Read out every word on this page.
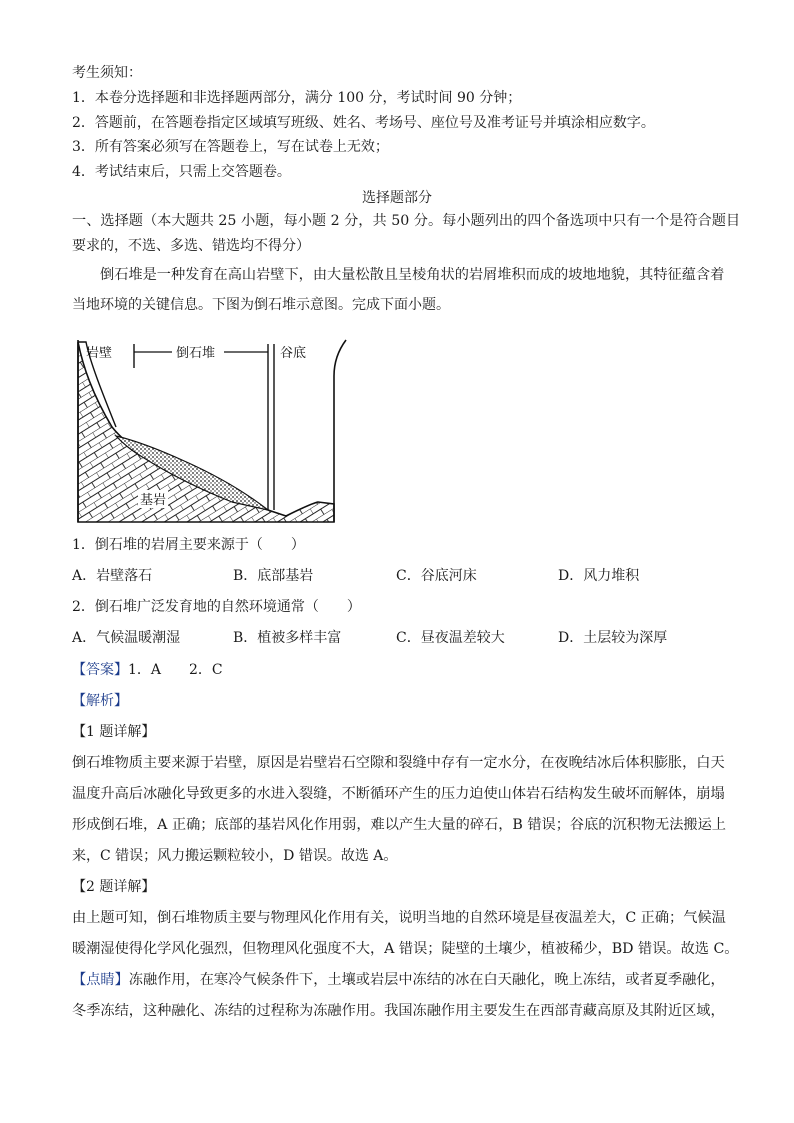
考生须知：
1．本卷分选择题和非选择题两部分，满分 100 分，考试时间 90 分钟；
2．答题前，在答题卷指定区域填写班级、姓名、考场号、座位号及准考证号并填涂相应数字。
3．所有答案必须写在答题卷上，写在试卷上无效；
4．考试结束后，只需上交答题卷。
选择题部分
一、选择题（本大题共 25 小题，每小题 2 分，共 50 分。每小题列出的四个备选项中只有一个是符合题目
要求的，不选、多选、错选均不得分）
倒石堆是一种发育在高山岩壁下，由大量松散且呈棱角状的岩屑堆积而成的坡地地貌，其特征蕴含着
当地环境的关键信息。下图为倒石堆示意图。完成下面小题。
岩壁	倒石堆	谷底
基岩
1．倒石堆的岩屑主要来源于（　　）
A．岩壁落石	B．底部基岩	C．谷底河床	D．风力堆积
2．倒石堆广泛发育地的自然环境通常（　　）
A．气候温暖潮湿	B．植被多样丰富	C．昼夜温差较大	D．土层较为深厚
【答案】1．A　　2．C
【解析】
【1 题详解】
倒石堆物质主要来源于岩壁，原因是岩壁岩石空隙和裂缝中存有一定水分，在夜晚结冰后体积膨胀，白天
温度升高后冰融化导致更多的水进入裂缝，不断循环产生的压力迫使山体岩石结构发生破坏而解体，崩塌
形成倒石堆，A 正确；底部的基岩风化作用弱，难以产生大量的碎石，B 错误；谷底的沉积物无法搬运上
来，C 错误；风力搬运颗粒较小，D 错误。故选 A。
【2 题详解】
由上题可知，倒石堆物质主要与物理风化作用有关，说明当地的自然环境是昼夜温差大，C 正确；气候温
暖潮湿使得化学风化强烈，但物理风化强度不大，A 错误；陡壁的土壤少，植被稀少，BD 错误。故选 C。
【点睛】冻融作用，在寒冷气候条件下，土壤或岩层中冻结的冰在白天融化，晚上冻结，或者夏季融化，
冬季冻结，这种融化、冻结的过程称为冻融作用。我国冻融作用主要发生在西部青藏高原及其附近区域，
